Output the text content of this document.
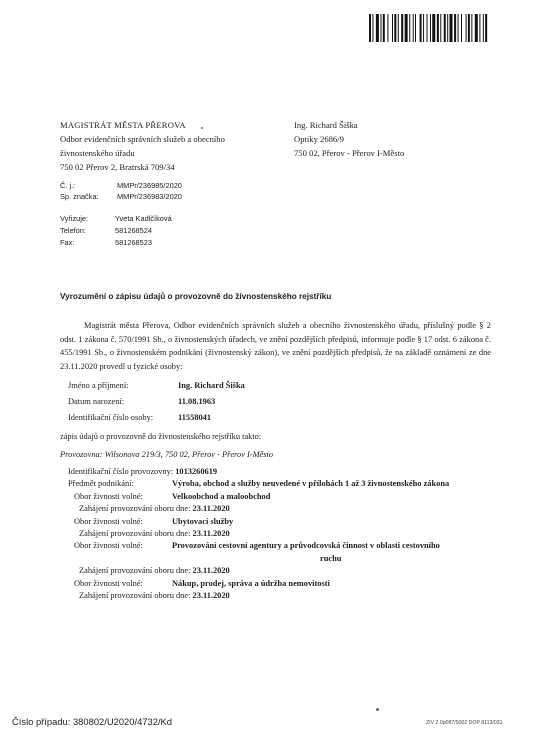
MAGISTRÁT MĚSTA PŘEROVA
Odbor evidenčních správních služeb a obecního
živnostenského úřadu
750 02 Přerov 2, Bratrská 709/34
Ing. Richard Šiška
Optiky 2686/9
750 02, Přerov - Přerov I-Město
Č. j.:	MMPr/236985/2020
Sp. značka:	MMPr/236983/2020
Vyřizuje:	Yveta Kadlčíková
Telefon:	581268524
Fax:	581268523
Vyrozumění o zápisu údajů o provozovně do živnostenského rejstříku
Magistrát města Přerova, Odbor evidenčních správních služeb a obecního živnostenského úřadu, příslušný podle § 2 odst. 1 zákona č. 570/1991 Sb., o živnostenských úřadech, ve znění pozdějších předpisů, informuje podle § 17 odst. 6 zákona č. 455/1991 Sb., o živnostenském podnikání (živnostenský zákon), ve znění pozdějších předpisů, že na základě oznámení ze dne 23.11.2020 provedl u fyzické osoby:
Jméno a příjmení:	Ing. Richard Šiška
Datum narození:	11.08.1963
Identifikační číslo osoby:	11558041
zápis údajů o provozovně do živnostenského rejstříku takto:
Provozovna: Wilsonova 219/3, 750 02, Přerov - Přerov I-Město
Identifikační číslo provozovny:
1013260619
Předmět podnikání:	Výroba, obchod a služby neuvedené v přílohách 1 až 3 živnostenského zákona
Obor živnosti volné:	Velkoobchod a maloobchod
Zahájení provozování oboru dne:
23.11.2020
Obor živnosti volné:	Ubytovací služby
Zahájení provozování oboru dne:
23.11.2020
Obor živnosti volné:	Provozování cestovní agentury a průvodcovská činnost v oblasti cestovního
ruchu
Zahájení provozování oboru dne:
23.11.2020
Obor živnosti volné:	Nákup, prodej, správa a údržba nemovitostí
Zahájení provozování oboru dne:
23.11.2020
Číslo případu: 380802/U2020/4732/Kd	ZIV 2 0p087/5002 DOP 8113/031
